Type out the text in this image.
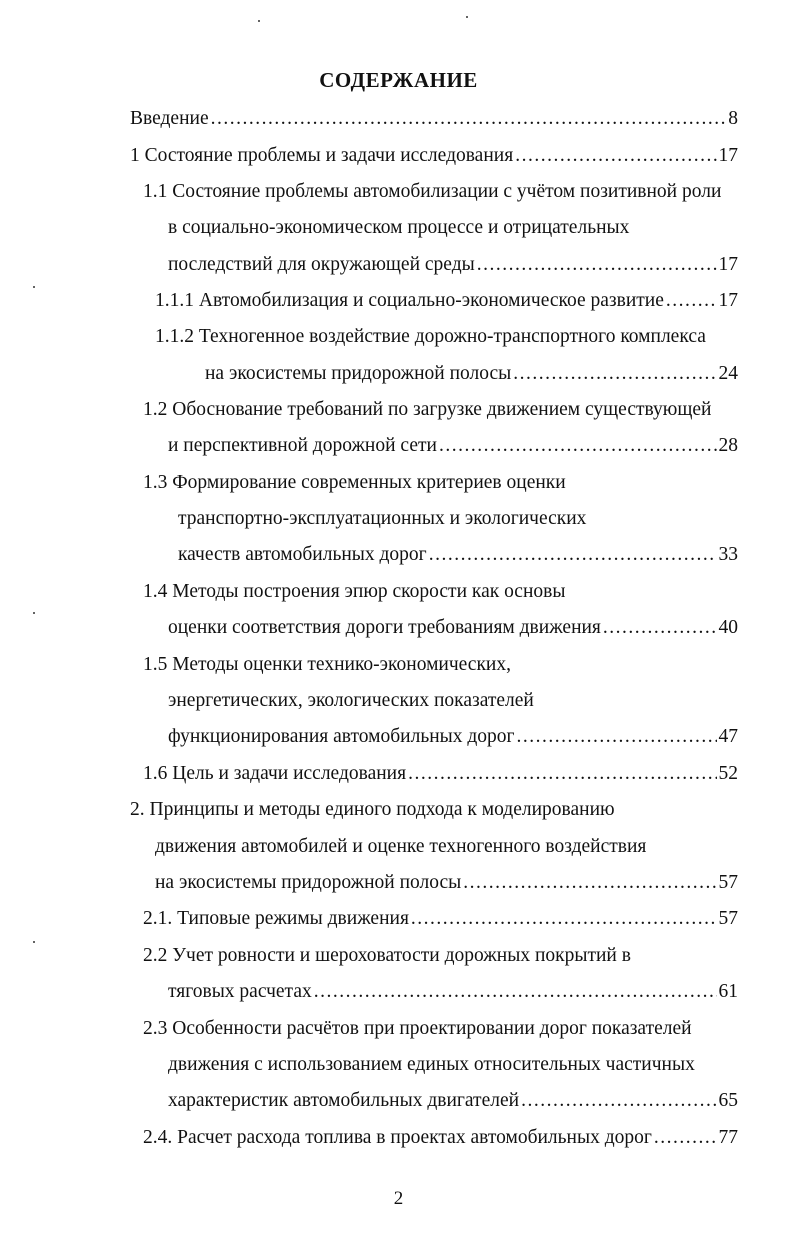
СОДЕРЖАНИЕ
Введение .....	8
1 Состояние проблемы и задачи исследования .....	17
1.1 Состояние проблемы автомобилизации с учётом позитивной роли
в социально-экономическом процессе и отрицательных
последствий для окружающей среды .....	17
1.1.1 Автомобилизация и социально-экономическое развитие .....	17
1.1.2 Техногенное воздействие дорожно-транспортного комплекса
на экосистемы придорожной полосы .....	24
1.2 Обоснование требований по загрузке движением существующей
и перспективной дорожной сети .....	28
1.3 Формирование современных критериев оценки
транспортно-эксплуатационных и экологических
качеств автомобильных дорог .....	33
1.4 Методы построения эпюр скорости как основы
оценки соответствия дороги требованиям движения .....	40
1.5 Методы оценки технико-экономических,
энергетических, экологических показателей
функционирования автомобильных дорог .....	47
1.6 Цель и задачи исследования .....	52
2. Принципы и методы единого подхода к моделированию
движения автомобилей и оценке техногенного воздействия
на экосистемы придорожной полосы .....	57
2.1. Типовые режимы движения .....	57
2.2 Учет ровности и шероховатости дорожных покрытий в
тяговых расчетах .....	61
2.3 Особенности расчётов при проектировании дорог показателей
движения с использованием единых относительных частичных
характеристик автомобильных двигателей .....	65
2.4. Расчет расхода топлива в проектах автомобильных дорог .....	77
2
